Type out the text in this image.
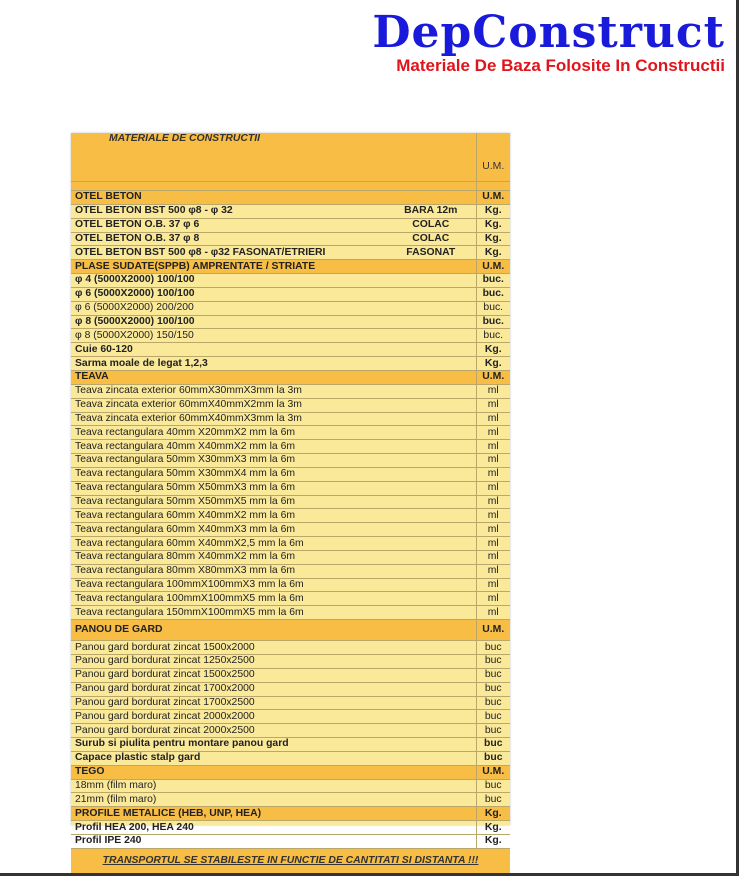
DepConstruct
Materiale De Baza Folosite In Constructii
MATERIALE DE CONSTRUCTII		U.M.

OTEL BETON		U.M.
OTEL BETON BST 500 φ8 - φ 32	BARA 12m	Kg.
OTEL BETON O.B. 37 φ 6	COLAC	Kg.
OTEL BETON O.B. 37 φ 8	COLAC	Kg.
OTEL BETON BST 500 φ8 - φ32 FASONAT/ETRIERI	FASONAT	Kg.
PLASE SUDATE(SPPB) AMPRENTATE / STRIATE		U.M.
φ 4 (5000X2000) 100/100		buc.
φ 6 (5000X2000) 100/100		buc.
φ 6 (5000X2000) 200/200		buc.
φ 8 (5000X2000) 100/100		buc.
φ 8 (5000X2000) 150/150		buc.
Cuie 60-120		Kg.
Sarma moale de legat 1,2,3		Kg.
TEAVA		U.M.
Teava zincata exterior 60mmX30mmX3mm la 3m		ml
Teava zincata exterior 60mmX40mmX2mm la 3m		ml
Teava zincata exterior 60mmX40mmX3mm la 3m		ml
Teava rectangulara 40mm X20mmX2 mm la 6m		ml
Teava rectangulara 40mm X40mmX2 mm la 6m		ml
Teava rectangulara 50mm X30mmX3 mm la 6m		ml
Teava rectangulara 50mm X30mmX4 mm la 6m		ml
Teava rectangulara 50mm X50mmX3 mm la 6m		ml
Teava rectangulara 50mm X50mmX5 mm la 6m		ml
Teava rectangulara 60mm X40mmX2 mm la 6m		ml
Teava rectangulara 60mm X40mmX3 mm la 6m		ml
Teava rectangulara 60mm X40mmX2,5 mm la 6m		ml
Teava rectangulara 80mm X40mmX2 mm la 6m		ml
Teava rectangulara 80mm X80mmX3 mm la 6m		ml
Teava rectangulara 100mmX100mmX3 mm la 6m		ml
Teava rectangulara 100mmX100mmX5 mm la 6m		ml
Teava rectangulara 150mmX100mmX5 mm la 6m		ml
PANOU DE GARD		U.M.
Panou gard bordurat zincat 1500x2000		buc
Panou gard bordurat zincat 1250x2500		buc
Panou gard bordurat zincat 1500x2500		buc
Panou gard bordurat zincat 1700x2000		buc
Panou gard bordurat zincat 1700x2500		buc
Panou gard bordurat zincat 2000x2000		buc
Panou gard bordurat zincat 2000x2500		buc
Surub si piulita pentru montare panou gard		buc
Capace plastic stalp gard		buc
TEGO		U.M.
18mm (film maro)		buc
21mm (film maro)		buc
PROFILE METALICE (HEB, UNP, HEA)		Kg.
Profil HEA 200, HEA 240		Kg.
Profil IPE 240		Kg.
TRANSPORTUL SE STABILESTE IN FUNCTIE DE CANTITATI SI DISTANTA !!!		
